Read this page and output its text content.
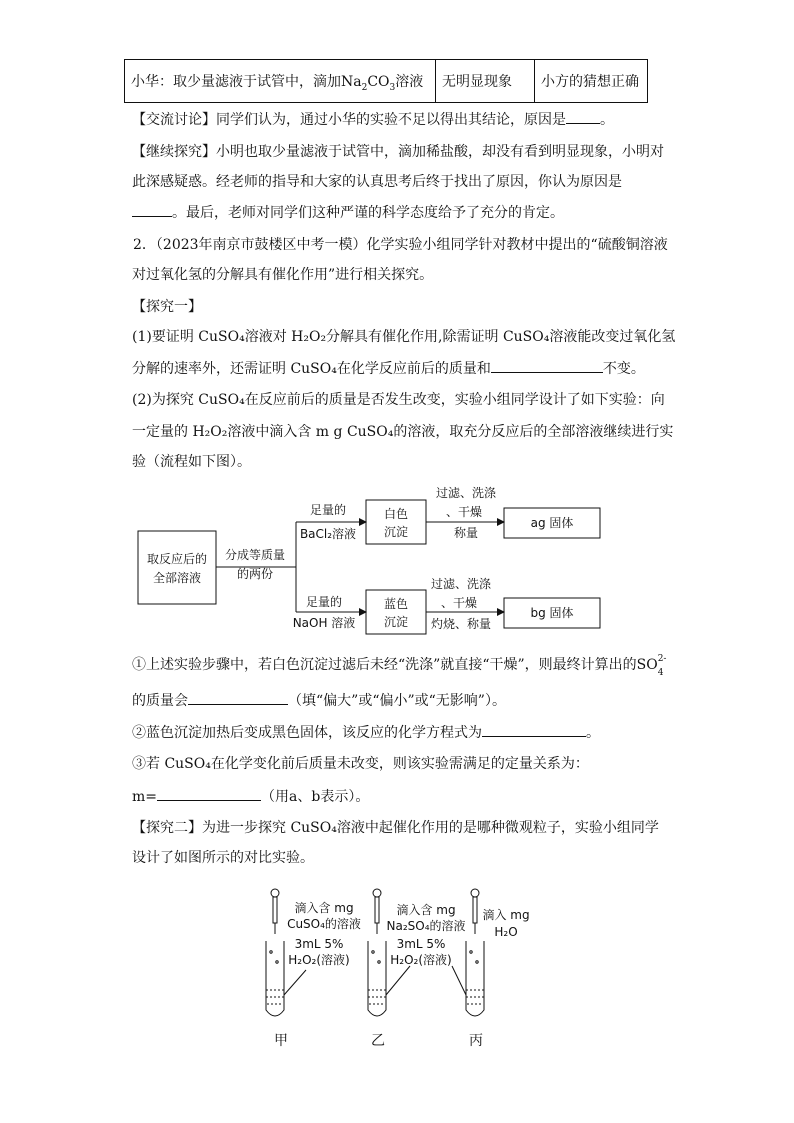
小华：取少量滤液于试管中，滴加$Na_2CO_3$溶液	无明显现象	小方的猜想正确
【交流讨论】同学们认为，通过小华的实验不足以得出其结论，原因是 。
【继续探究】小明也取少量滤液于试管中，滴加稀盐酸，却没有看到明显现象，小明对
此深感疑惑。经老师的指导和大家的认真思考后终于找出了原因，你认为原因是
。最后，老师对同学们这种严谨的科学态度给予了充分的肯定。
2．（2023年南京市鼓楼区中考一模）化学实验小组同学针对教材中提出的“硫酸铜溶液
对过氧化氢的分解具有催化作用”进行相关探究。
【探究一】
(1)要证明 CuSO₄溶液对 H₂O₂分解具有催化作用,除需证明 CuSO₄溶液能改变过氧化氢
分解的速率外，还需证明 CuSO₄在化学反应前后的质量和	不变。
(2)为探究 CuSO₄在反应前后的质量是否发生改变，实验小组同学设计了如下实验：向
一定量的 H₂O₂溶液中滴入含 m g CuSO₄的溶液，取充分反应后的全部溶液继续进行实
验（流程如下图）。
取反应后的
全部溶液
分成等质量
的两份
足量的
BaCl₂溶液
白色
沉淀
过滤、洗涤
、干燥
称量
ag 固体
足量的
NaOH 溶液
蓝色
沉淀
过滤、洗涤
、干燥
灼烧、称量
bg 固体
滴入含 mg
CuSO₄的溶液
3mL 5%
H₂O₂(溶液)
滴入含 mg
Na₂SO₄的溶液
3mL 5%
H₂O₂(溶液)
滴入 mg
H₂O
甲	乙	丙
①上述实验步骤中，若白色沉淀过滤后未经“洗涤”就直接“干燥”，则最终计算出的SO 2-
4
的质量会	（填“偏大”或“偏小”或“无影响”）。
②蓝色沉淀加热后变成黑色固体，该反应的化学方程式为	。
③若 CuSO₄在化学变化前后质量未改变，则该实验需满足的定量关系为：
m=	（用a、b表示）。
【探究二】为进一步探究 CuSO₄溶液中起催化作用的是哪种微观粒子，实验小组同学
设计了如图所示的对比实验。
